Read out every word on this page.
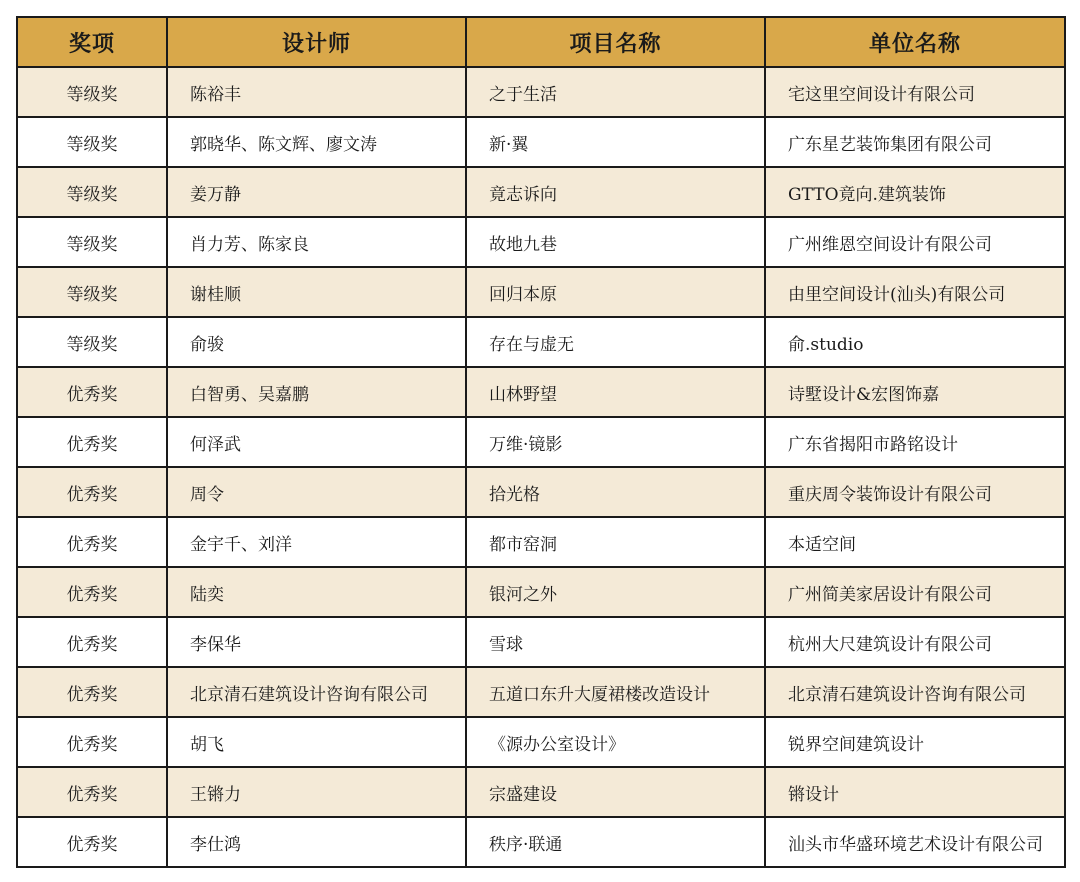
奖项	设计师	项目名称	单位名称
等级奖	陈裕丰	之于生活	宅这里空间设计有限公司
等级奖	郭晓华、陈文辉、廖文涛	新·翼	广东星艺装饰集团有限公司
等级奖	姜万静	竟志诉向	GTTO竟向.建筑装饰
等级奖	肖力芳、陈家良	故地九巷	广州维恩空间设计有限公司
等级奖	谢桂顺	回归本原	由里空间设计(汕头)有限公司
等级奖	俞骏	存在与虚无	俞.studio
优秀奖	白智勇、吴嘉鹏	山林野望	诗墅设计&宏图饰嘉
优秀奖	何泽武	万维·镜影	广东省揭阳市路铭设计
优秀奖	周令	拾光格	重庆周令装饰设计有限公司
优秀奖	金宇千、刘洋	都市窑洞	本适空间
优秀奖	陆奕	银河之外	广州简美家居设计有限公司
优秀奖	李保华	雪球	杭州大尺建筑设计有限公司
优秀奖	北京清石建筑设计咨询有限公司	五道口东升大厦裙楼改造设计	北京清石建筑设计咨询有限公司
优秀奖	胡飞	《源办公室设计》	锐界空间建筑设计
优秀奖	王锵力	宗盛建设	锵设计
优秀奖	李仕鸿	秩序·联通	汕头市华盛环境艺术设计有限公司
